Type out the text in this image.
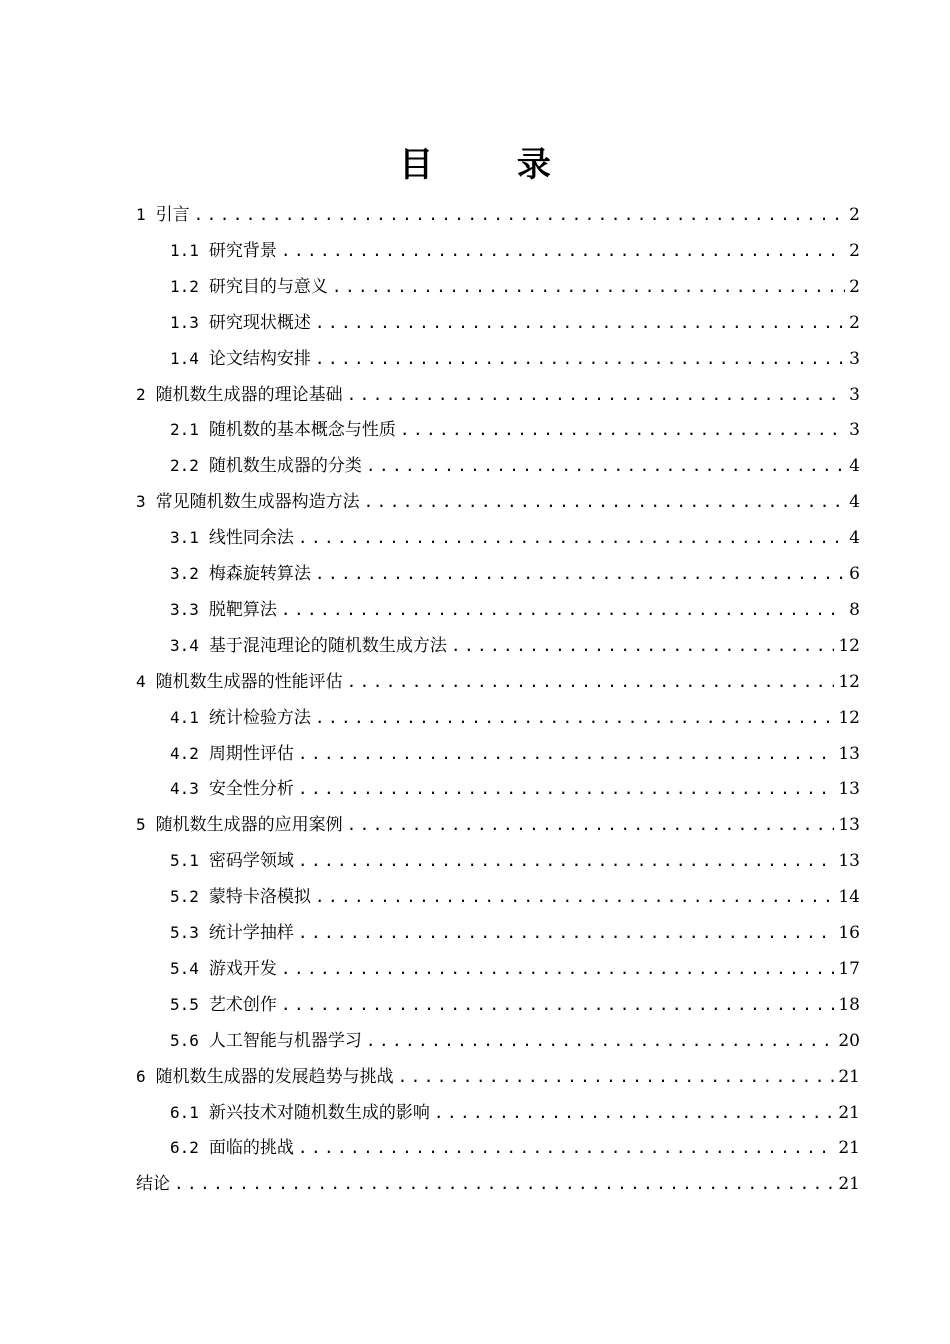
目 录
1 引言 .....	2
1.1 研究背景 .....	2
1.2 研究目的与意义 .....	2
1.3 研究现状概述 .....	2
1.4 论文结构安排 .....	3
2 随机数生成器的理论基础 .....	3
2.1 随机数的基本概念与性质 .....	3
2.2 随机数生成器的分类 .....	4
3 常见随机数生成器构造方法 .....	4
3.1 线性同余法 .....	4
3.2 梅森旋转算法 .....	6
3.3 脱靶算法 .....	8
3.4 基于混沌理论的随机数生成方法 .....	12
4 随机数生成器的性能评估 .....	12
4.1 统计检验方法 .....	12
4.2 周期性评估 .....	13
4.3 安全性分析 .....	13
5 随机数生成器的应用案例 .....	13
5.1 密码学领域 .....	13
5.2 蒙特卡洛模拟 .....	14
5.3 统计学抽样 .....	16
5.4 游戏开发 .....	17
5.5 艺术创作 .....	18
5.6 人工智能与机器学习 .....	20
6 随机数生成器的发展趋势与挑战 .....	21
6.1 新兴技术对随机数生成的影响 .....	21
6.2 面临的挑战 .....	21
结论 .....	21
